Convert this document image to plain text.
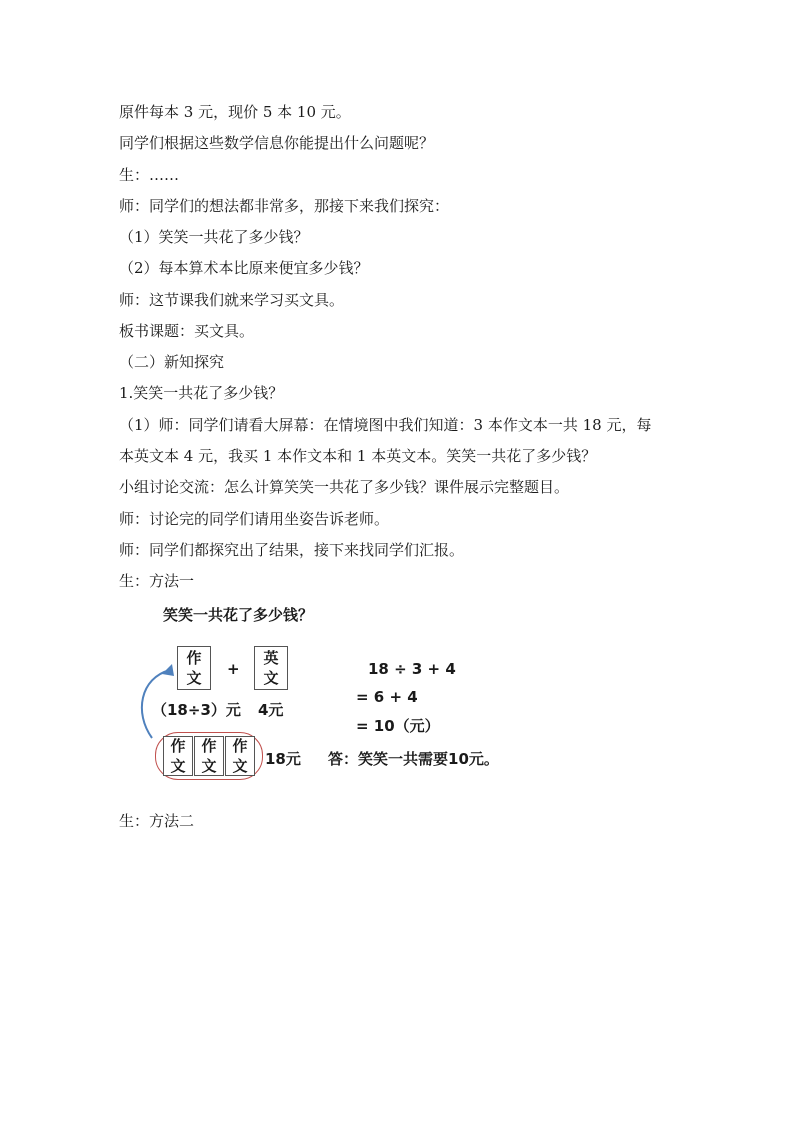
原件每本 3 元，现价 5 本 10 元。
同学们根据这些数学信息你能提出什么问题呢？
生：……
师：同学们的想法都非常多，那接下来我们探究：
（1）笑笑一共花了多少钱？
（2）每本算术本比原来便宜多少钱？
师：这节课我们就来学习买文具。
板书课题：买文具。
（二）新知探究
1.笑笑一共花了多少钱？
（1）师：同学们请看大屏幕：在情境图中我们知道：3 本作文本一共 18 元，每
本英文本 4 元，我买 1 本作文本和 1 本英文本。笑笑一共花了多少钱？
小组讨论交流：怎么计算笑笑一共花了多少钱？课件展示完整题目。
师：讨论完的同学们请用坐姿告诉老师。
师：同学们都探究出了结果，接下来找同学们汇报。
生：方法一
笑笑一共花了多少钱？
作
文	+
英
文
（18÷3）元 4元
作
文
作
文
作
文	18元
18 ÷ 3 + 4
= 6 + 4
= 10（元）
答：笑笑一共需要10元。
生：方法二
